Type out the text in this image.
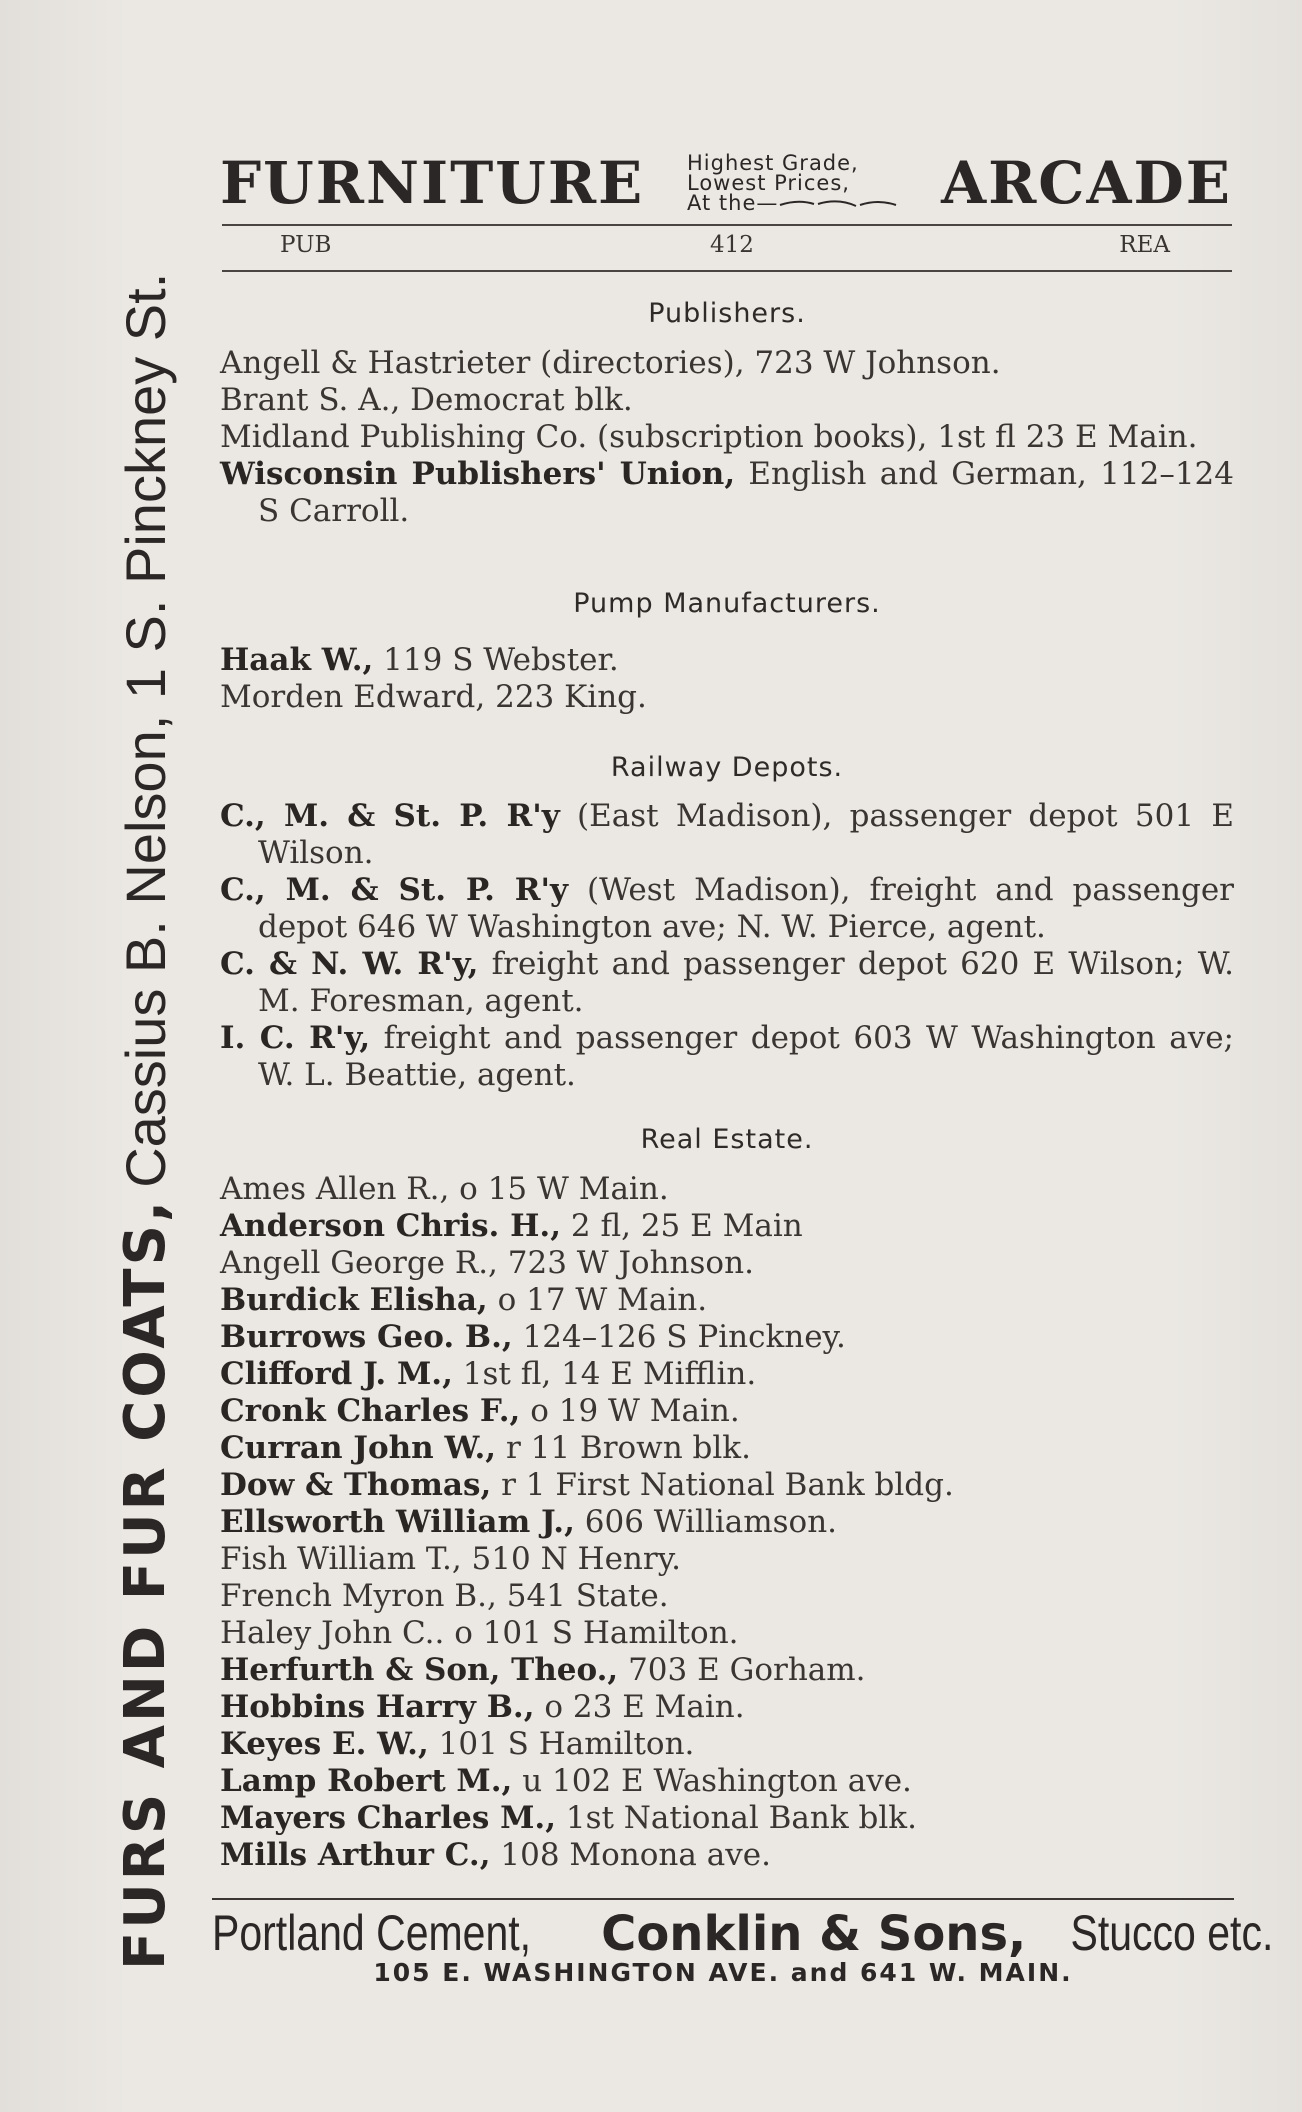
FURS AND FUR COATS,
Cassius B. Nelson, 1 S. Pinckney St.
FURNITURE Highest Grade,
Lowest Prices,
At the—	ARCADE
PUB	412	REA
Publishers.
Angell & Hastrieter (directories), 723 W Johnson.
Brant S. A., Democrat blk.
Midland Publishing Co. (subscription books), 1st fl 23 E Main.
Wisconsin Publishers' Union, English and German, 112–124 S Carroll.
Pump Manufacturers.
Haak W., 119 S Webster.
Morden Edward, 223 King.
Railway Depots.
C., M. & St. P. R'y (East Madison), passenger depot 501 E Wilson.
C., M. & St. P. R'y (West Madison), freight and passenger depot 646 W Washington ave; N. W. Pierce, agent.
C. & N. W. R'y, freight and passenger depot 620 E Wilson; W. M. Foresman, agent.
I. C. R'y, freight and passenger depot 603 W Washington ave; W. L. Beattie, agent.
Real Estate.
Ames Allen R., o 15 W Main.
Anderson Chris. H., 2 fl, 25 E Main
Angell George R., 723 W Johnson.
Burdick Elisha, o 17 W Main.
Burrows Geo. B., 124–126 S Pinckney.
Clifford J. M., 1st fl, 14 E Mifflin.
Cronk Charles F., o 19 W Main.
Curran John W., r 11 Brown blk.
Dow & Thomas, r 1 First National Bank bldg.
Ellsworth William J., 606 Williamson.
Fish William T., 510 N Henry.
French Myron B., 541 State.
Haley John C.. o 101 S Hamilton.
Herfurth & Son, Theo., 703 E Gorham.
Hobbins Harry B., o 23 E Main.
Keyes E. W., 101 S Hamilton.
Lamp Robert M., u 102 E Washington ave.
Mayers Charles M., 1st National Bank blk.
Mills Arthur C., 108 Monona ave.
Portland Cement, Conklin & Sons, Stucco etc.
105 E. WASHINGTON AVE. and 641 W. MAIN.
